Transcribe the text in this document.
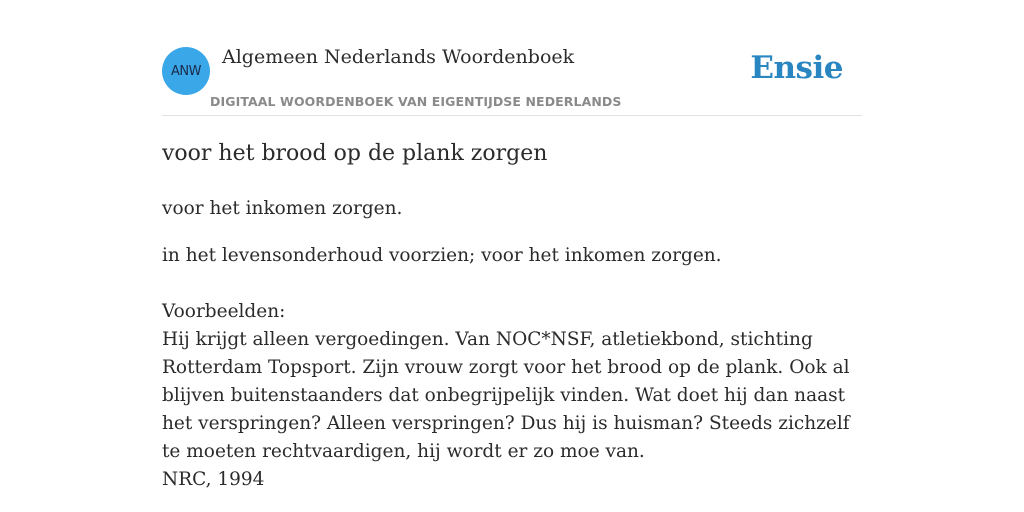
ANW
Algemeen Nederlands Woordenboek
DIGITAAL WOORDENBOEK VAN EIGENTIJDSE NEDERLANDS
Ensie
voor het brood op de plank zorgen

voor het inkomen zorgen.

in het levensonderhoud voorzien; voor het inkomen zorgen.

Voorbeelden:
Hij krijgt alleen vergoedingen. Van NOC*NSF, atletiekbond, stichting Rotterdam Topsport. Zijn vrouw zorgt voor het brood op de plank. Ook al blijven buitenstaanders dat onbegrijpelijk vinden. Wat doet hij dan naast het verspringen? Alleen verspringen? Dus hij is huisman? Steeds zichzelf te moeten rechtvaardigen, hij wordt er zo moe van.
NRC, 1994
